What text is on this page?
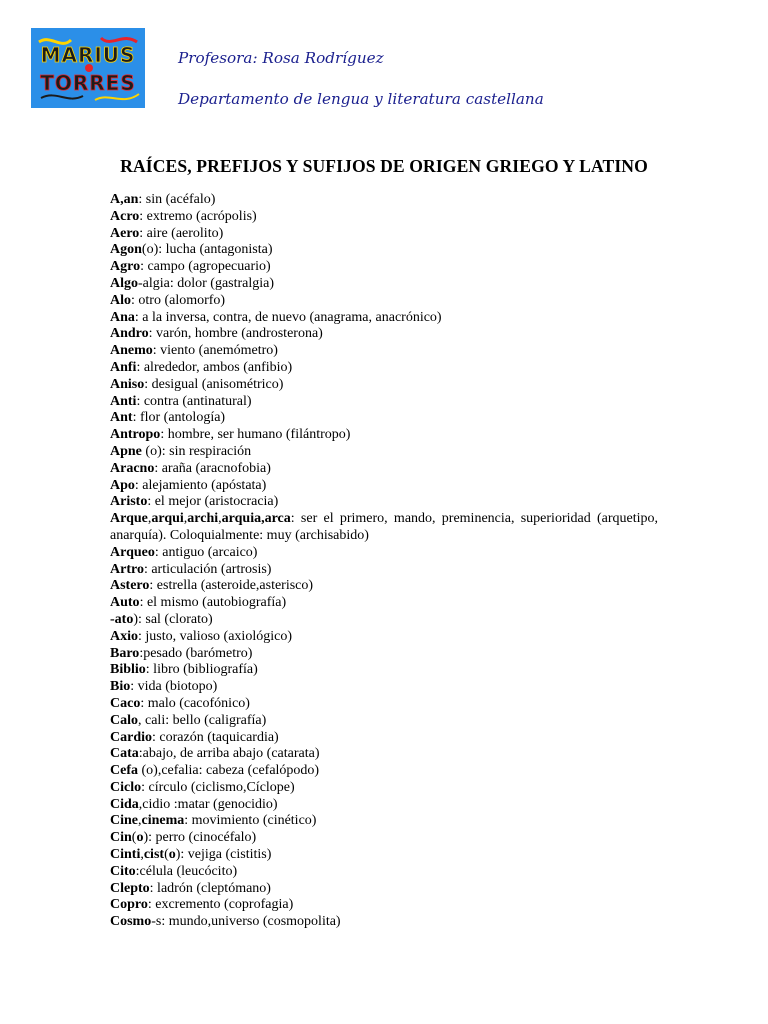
MARIUS
TORRES
Profesora: Rosa Rodríguez
Departamento de lengua y literatura castellana
RAÍCES, PREFIJOS Y SUFIJOS DE ORIGEN GRIEGO Y LATINO

A,an: sin (acéfalo)

Acro: extremo (acrópolis)

Aero: aire (aerolito)

Agon(o): lucha (antagonista)

Agro: campo (agropecuario)

Algo-algia: dolor (gastralgia)

Alo: otro (alomorfo)

Ana: a la inversa, contra, de nuevo (anagrama, anacrónico)

Andro: varón, hombre (androsterona)

Anemo: viento (anemómetro)

Anfi: alrededor, ambos (anfibio)

Aniso: desigual (anisométrico)

Anti: contra (antinatural)

Ant: flor (antología)

Antropo: hombre, ser humano (filántropo)

Apne (o): sin respiración

Aracno: araña (aracnofobia)

Apo: alejamiento (apóstata)

Aristo: el mejor (aristocracia)

Arque,arqui,archi,arquia,arca: ser el primero, mando, preminencia, superioridad (arquetipo, anarquía). Coloquialmente: muy (archisabido)

Arqueo: antiguo (arcaico)

Artro: articulación (artrosis)

Astero: estrella (asteroide,asterisco)

Auto: el mismo (autobiografía)

-ato): sal (clorato)

Axio: justo, valioso (axiológico)

Baro:pesado (barómetro)

Biblio: libro (bibliografía)

Bio: vida (biotopo)

Caco: malo (cacofónico)

Calo, cali: bello (caligrafía)

Cardio: corazón (taquicardia)

Cata:abajo, de arriba abajo (catarata)

Cefa (o),cefalia: cabeza (cefalópodo)

Ciclo: círculo (ciclismo,Cíclope)

Cida,cidio :matar (genocidio)

Cine,cinema: movimiento (cinético)

Cin(o): perro (cinocéfalo)

Cinti,cist(o): vejiga (cistitis)

Cito:célula (leucócito)

Clepto: ladrón (cleptómano)

Copro: excremento (coprofagia)

Cosmo-s: mundo,universo (cosmopolita)
